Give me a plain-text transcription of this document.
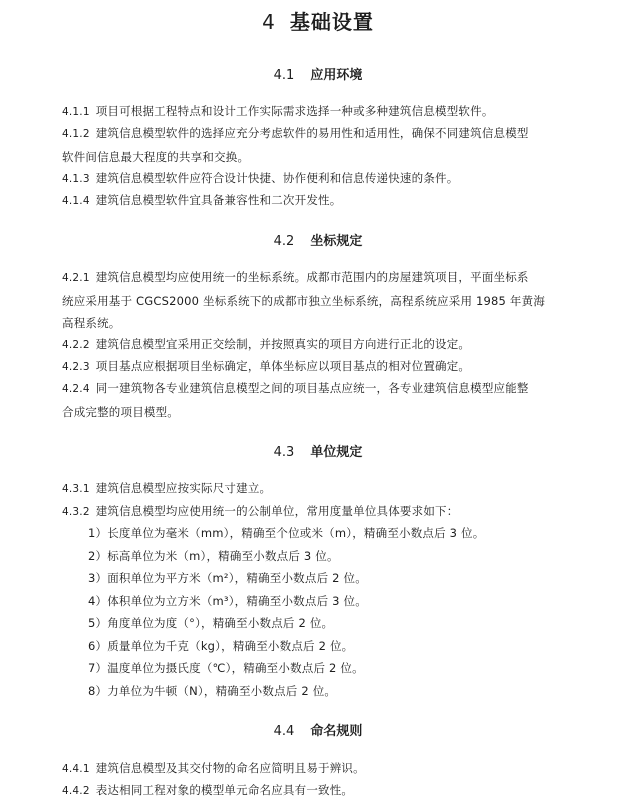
4 基础设置
4.1 应用环境
4.1.1 项目可根据工程特点和设计工作实际需求选择一种或多种建筑信息模型软件。
4.1.2 建筑信息模型软件的选择应充分考虑软件的易用性和适用性，确保不同建筑信息模型
软件间信息最大程度的共享和交换。
4.1.3 建筑信息模型软件应符合设计快捷、协作便利和信息传递快速的条件。
4.1.4 建筑信息模型软件宜具备兼容性和二次开发性。
4.2 坐标规定
4.2.1 建筑信息模型均应使用统一的坐标系统。成都市范围内的房屋建筑项目，平面坐标系
统应采用基于 CGCS2000 坐标系统下的成都市独立坐标系统，高程系统应采用 1985 年黄海
高程系统。
4.2.2 建筑信息模型宜采用正交绘制，并按照真实的项目方向进行正北的设定。
4.2.3 项目基点应根据项目坐标确定，单体坐标应以项目基点的相对位置确定。
4.2.4 同一建筑物各专业建筑信息模型之间的项目基点应统一，各专业建筑信息模型应能整
合成完整的项目模型。
4.3 单位规定
4.3.1 建筑信息模型应按实际尺寸建立。
4.3.2 建筑信息模型均应使用统一的公制单位，常用度量单位具体要求如下：
1）长度单位为毫米（mm），精确至个位或米（m），精确至小数点后 3 位。
2）标高单位为米（m），精确至小数点后 3 位。
3）面积单位为平方米（m²），精确至小数点后 2 位。
4）体积单位为立方米（m³），精确至小数点后 3 位。
5）角度单位为度（°），精确至小数点后 2 位。
6）质量单位为千克（kg），精确至小数点后 2 位。
7）温度单位为摄氏度（℃），精确至小数点后 2 位。
8）力单位为牛顿（N），精确至小数点后 2 位。
4.4 命名规则
4.4.1 建筑信息模型及其交付物的命名应简明且易于辨识。
4.4.2 表达相同工程对象的模型单元命名应具有一致性。
